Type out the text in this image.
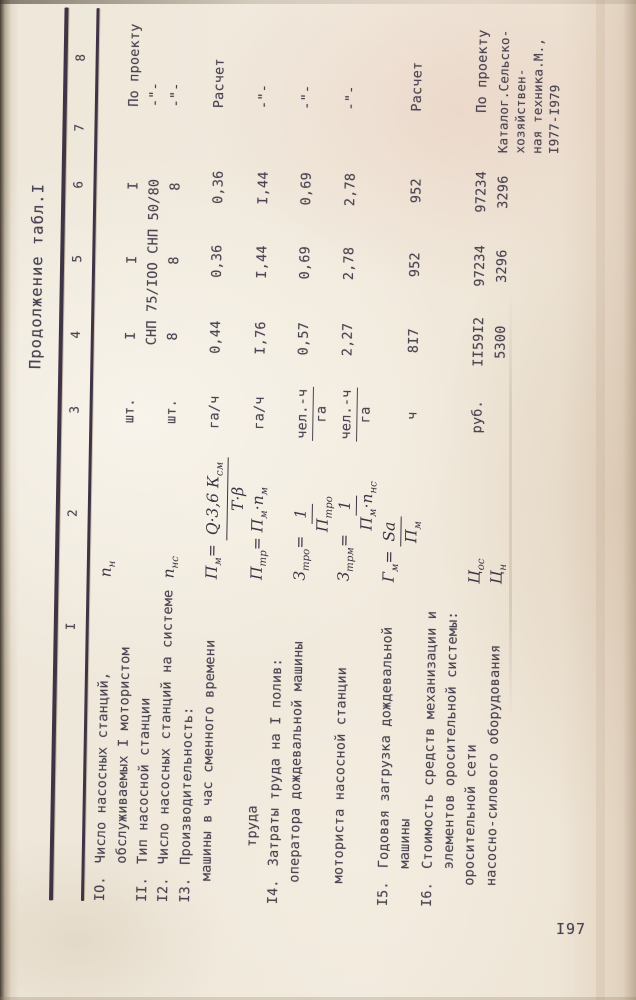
Продолжение табл.I
I
2
3
4
5
6
7
8
IO.
Число насосных станций, обслуживаемых I мотористом
$п_н$
шт.
I
I
I
По проекту
II.
Тип насосной станции
СНП 75/IOO СНП 50/80
-"-
I2.
Число насосных станций на системе
$п_{нс}$
шт.
8
8
8
-"-
I3.
Производительность: машины в час сменного времени
$П_м=$
Q·3,6 $К_{см}$
Т·β
га/ч
0,44
0,36
0,36
Расчет
труда
$П_{тр}= П_м\cdot п_м$
га/ч
I,76
I,44
I,44
-"-
I4.
Затраты труда на I полив: оператора дождевальной машины
$З_{тро}=$
1
$П_{тро}$
чел.-ч га
0,57
0,69
0,69
-"-
моториста насосной станции
$З_{трм}=$
1
$П_м\cdot п_{нс}$
чел.-ч га
2,27
2,78
2,78
-"-
I5.
Годовая загрузка дождевальной машины
$Г_м=$
Sа $П_м$
ч
8I7
952
952
Расчет
I6.
Стоимость средств механизации и элементов оросительной системы: оросительной сети
$Ц_{ос}$
руб.
II59I2
97234
97234
По проекту
насосно-силового оборудования
$Ц_н$
5300
3296
3296
Каталог.Сельско- хозяйствен- ная техника.М., I977-I979
I97
